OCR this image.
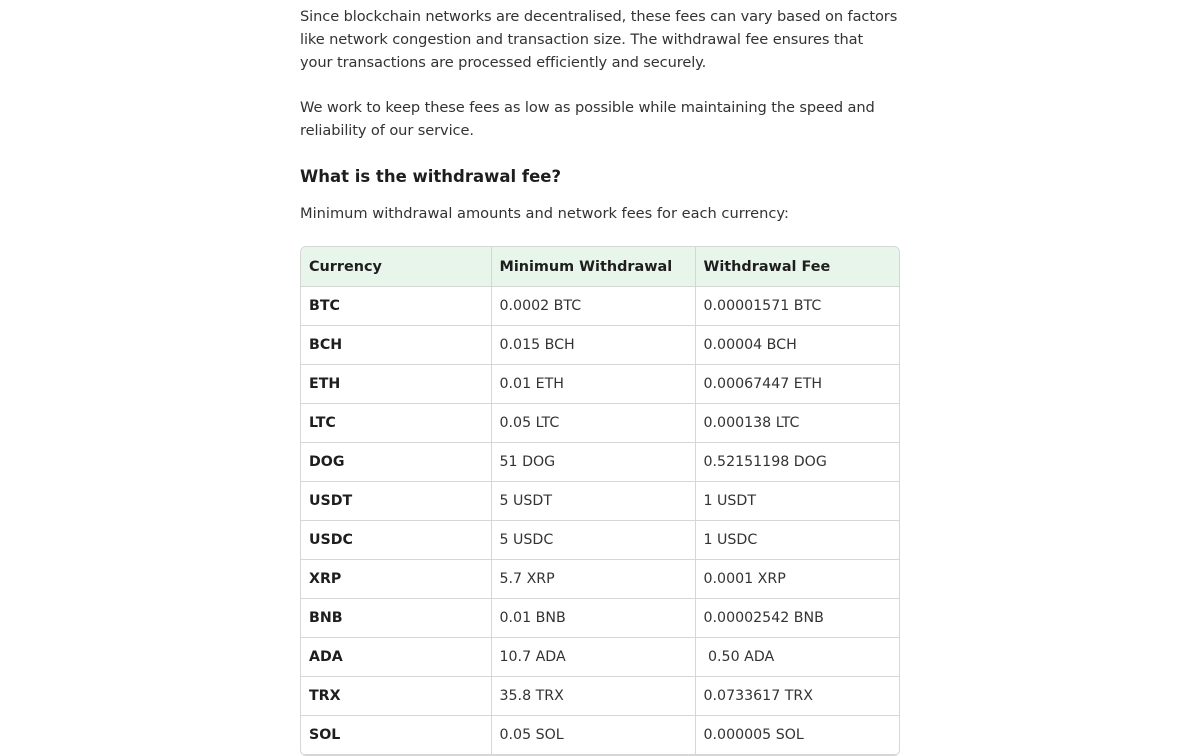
Since blockchain networks are decentralised, these fees can vary based on factors like network congestion and transaction size. The withdrawal fee ensures that your transactions are processed efficiently and securely.

We work to keep these fees as low as possible while maintaining the speed and reliability of our service.

What is the withdrawal fee?

Minimum withdrawal amounts and network fees for each currency:

Currency	Minimum Withdrawal	Withdrawal Fee
BTC	0.0002 BTC	0.00001571 BTC
BCH	0.015 BCH	0.00004 BCH
ETH	0.01 ETH	0.00067447 ETH
LTC	0.05 LTC	0.000138 LTC
DOG	51 DOG	0.52151198 DOG
USDT	5 USDT	1 USDT
USDC	5 USDC	1 USDC
XRP	5.7 XRP	0.0001 XRP
BNB	0.01 BNB	0.00002542 BNB
ADA	10.7 ADA	0.50 ADA
TRX	35.8 TRX	0.0733617 TRX
SOL	0.05 SOL	0.000005 SOL
